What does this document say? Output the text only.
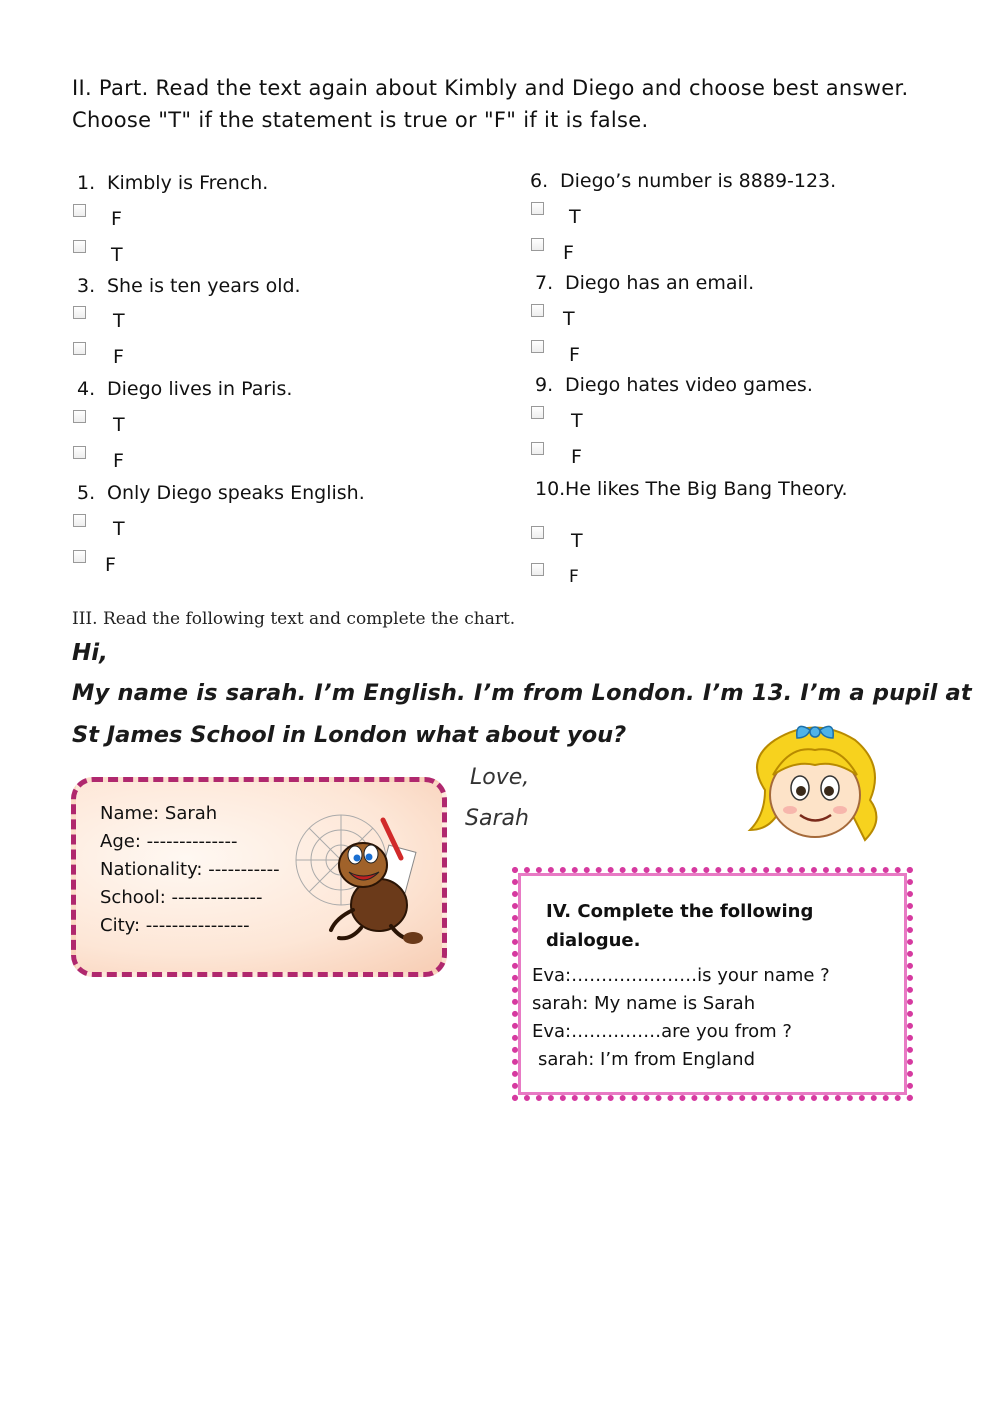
II. Part. Read the text again about Kimbly and Diego and choose best answer. Choose "T" if the statement is true or "F" if it is false.
1. Kimbly is French.
F
T
3. She is ten years old.
T
F
4. Diego lives in Paris.
T
F
5. Only Diego speaks English.
T
F
6. Diego’s number is 8889-123.
T
F
7. Diego has an email.
T
F
9. Diego hates video games.
T
F
10.He likes The Big Bang Theory.
T
F
III. Read the following text and complete the chart.
Hi,
My name is sarah. I’m English. I’m from London. I’m 13. I’m a pupil at
St James School in London what about you?
Love,
Sarah
Name: Sarah
Age: --------------
Nationality: -----------
School: --------------
City: ----------------
IV. Complete the following dialogue.
Eva:…………………is your name ?
sarah: My name is Sarah
Eva:……………are you from ?
sarah: I’m from England
